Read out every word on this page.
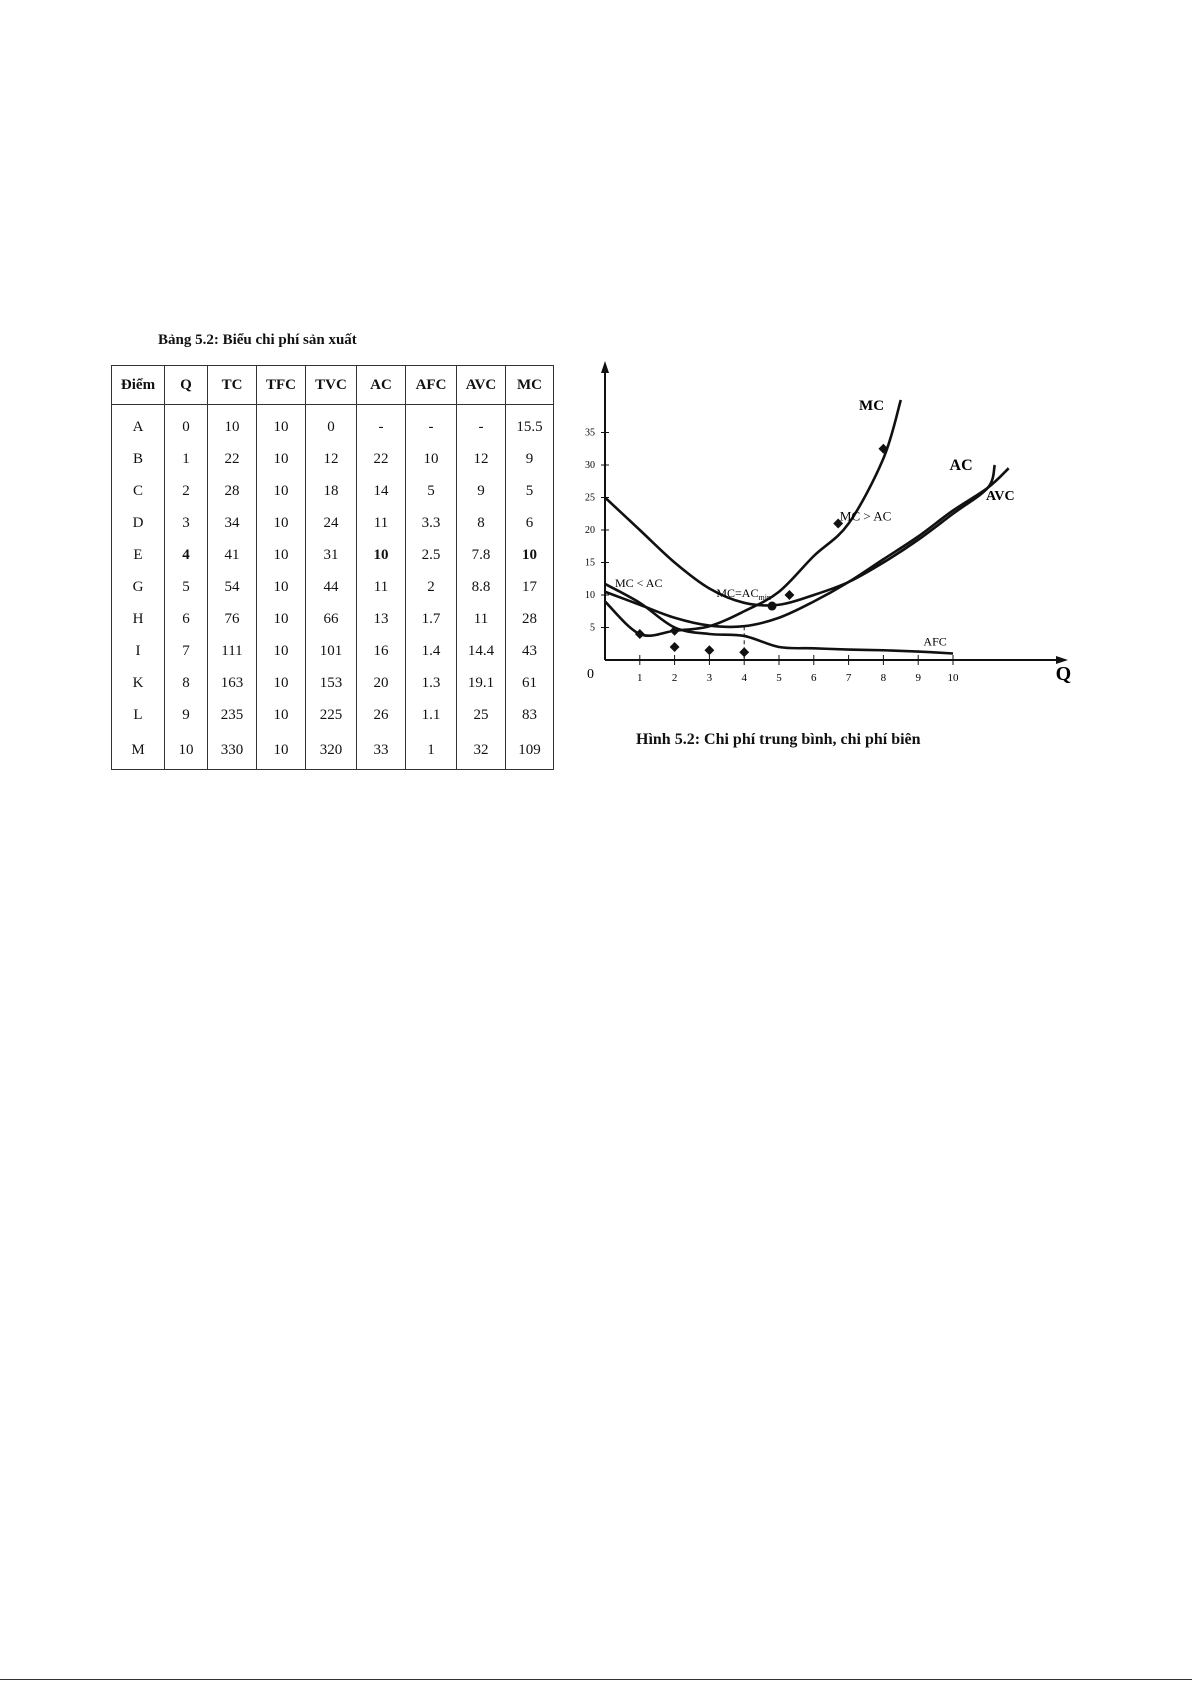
Bảng 5.2: Biểu chi phí sản xuất
Điểm	Q	TC	TFC	TVC	AC	AFC	AVC	MC
A	0	10	10	0	-	-	-	15.5
B	1	22	10	12	22	10	12	9
C	2	28	10	18	14	5	9	5
D	3	34	10	24	11	3.3	8	6
E	4	41	10	31	10	2.5	7.8	10
G	5	54	10	44	11	2	8.8	17
H	6	76	10	66	13	1.7	11	28
I	7	111	10	101	16	1.4	14.4	43
K	8	163	10	153	20	1.3	19.1	61
L	9	235	10	225	26	1.1	25	83
M	10	330	10	320	33	1	32	109
Q
0	1	2	3	4	5	6	7	8	9 10
5
10
15
20
25
30
35
MC < AC
MC > AC
MC
AC
AVC
AFC
$MC=AC_{min}$
Hình 5.2: Chi phí trung bình, chi phí biên
